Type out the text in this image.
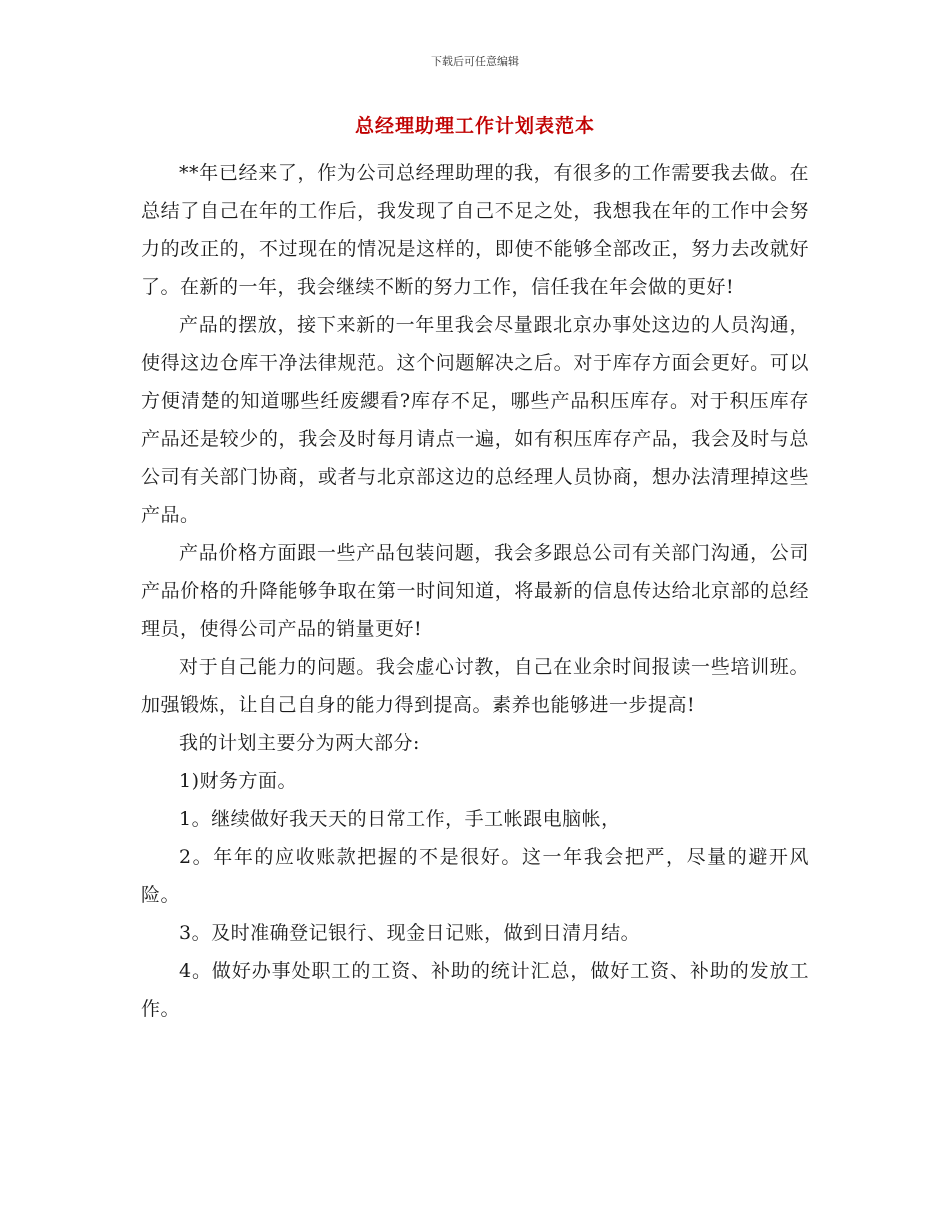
下载后可任意编辑
总经理助理工作计划表范本

**年已经来了，作为公司总经理助理的我，有很多的工作需要我去做。在总结了自己在年的工作后，我发现了自己不足之处，我想我在年的工作中会努力的改正的，不过现在的情况是这样的，即使不能够全部改正，努力去改就好了。在新的一年，我会继续不断的努力工作，信任我在年会做的更好!

产品的摆放，接下来新的一年里我会尽量跟北京办事处这边的人员沟通，使得这边仓库干净法律规范。这个问题解决之后。对于库存方面会更好。可以方便清楚的知道哪些纴废纓看?库存不足，哪些产品积压库存。对于积压库存产品还是较少的，我会及时每月请点一遍，如有积压库存产品，我会及时与总公司有关部门协商，或者与北京部这边的总经理人员协商，想办法清理掉这些产品。

产品价格方面跟一些产品包装问题，我会多跟总公司有关部门沟通，公司产品价格的升降能够争取在第一时间知道，将最新的信息传达给北京部的总经理员，使得公司产品的销量更好!

对于自己能力的问题。我会虚心讨教，自己在业余时间报读一些培训班。加强锻炼，让自己自身的能力得到提高。素养也能够进一步提高!

我的计划主要分为两大部分:

1)财务方面。

1。继续做好我天天的日常工作，手工帐跟电脑帐，

2。年年的应收账款把握的不是很好。这一年我会把严，尽量的避开风险。

3。及时准确登记银行、现金日记账，做到日清月结。

4。做好办事处职工的工资、补助的统计汇总，做好工资、补助的发放工作。
